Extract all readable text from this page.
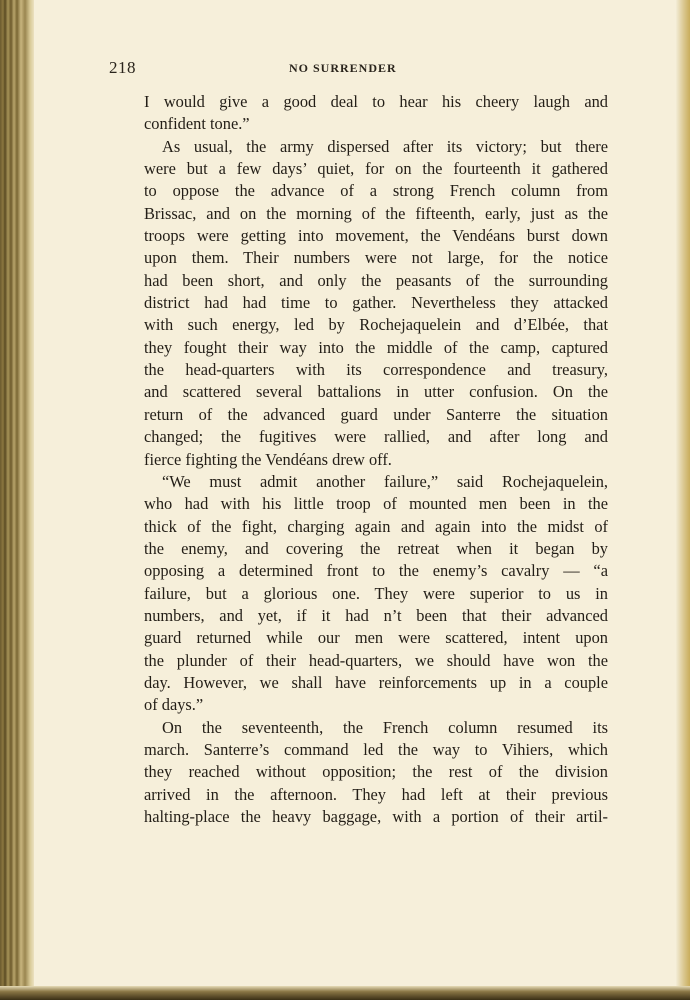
218	NO SURRENDER
I would give a good deal to hear his cheery laugh and
confident tone.”
As usual, the army dispersed after its victory; but there
were but a few days’ quiet, for on the fourteenth it gathered
to oppose the advance of a strong French column from
Brissac, and on the morning of the fifteenth, early, just as the
troops were getting into movement, the Vendéans burst down
upon them. Their numbers were not large, for the notice
had been short, and only the peasants of the surrounding
district had had time to gather. Nevertheless they attacked
with such energy, led by Rochejaquelein and d’Elbée, that
they fought their way into the middle of the camp, captured
the head-quarters with its correspondence and treasury,
and scattered several battalions in utter confusion. On the
return of the advanced guard under Santerre the situation
changed; the fugitives were rallied, and after long and
fierce fighting the Vendéans drew off.
“We must admit another failure,” said Rochejaquelein,
who had with his little troop of mounted men been in the
thick of the fight, charging again and again into the midst of
the enemy, and covering the retreat when it began by
opposing a determined front to the enemy’s cavalry — “a
failure, but a glorious one. They were superior to us in
numbers, and yet, if it had n’t been that their advanced
guard returned while our men were scattered, intent upon
the plunder of their head-quarters, we should have won the
day. However, we shall have reinforcements up in a couple
of days.”
On the seventeenth, the French column resumed its
march. Santerre’s command led the way to Vihiers, which
they reached without opposition; the rest of the division
arrived in the afternoon. They had left at their previous
halting-place the heavy baggage, with a portion of their artil-
